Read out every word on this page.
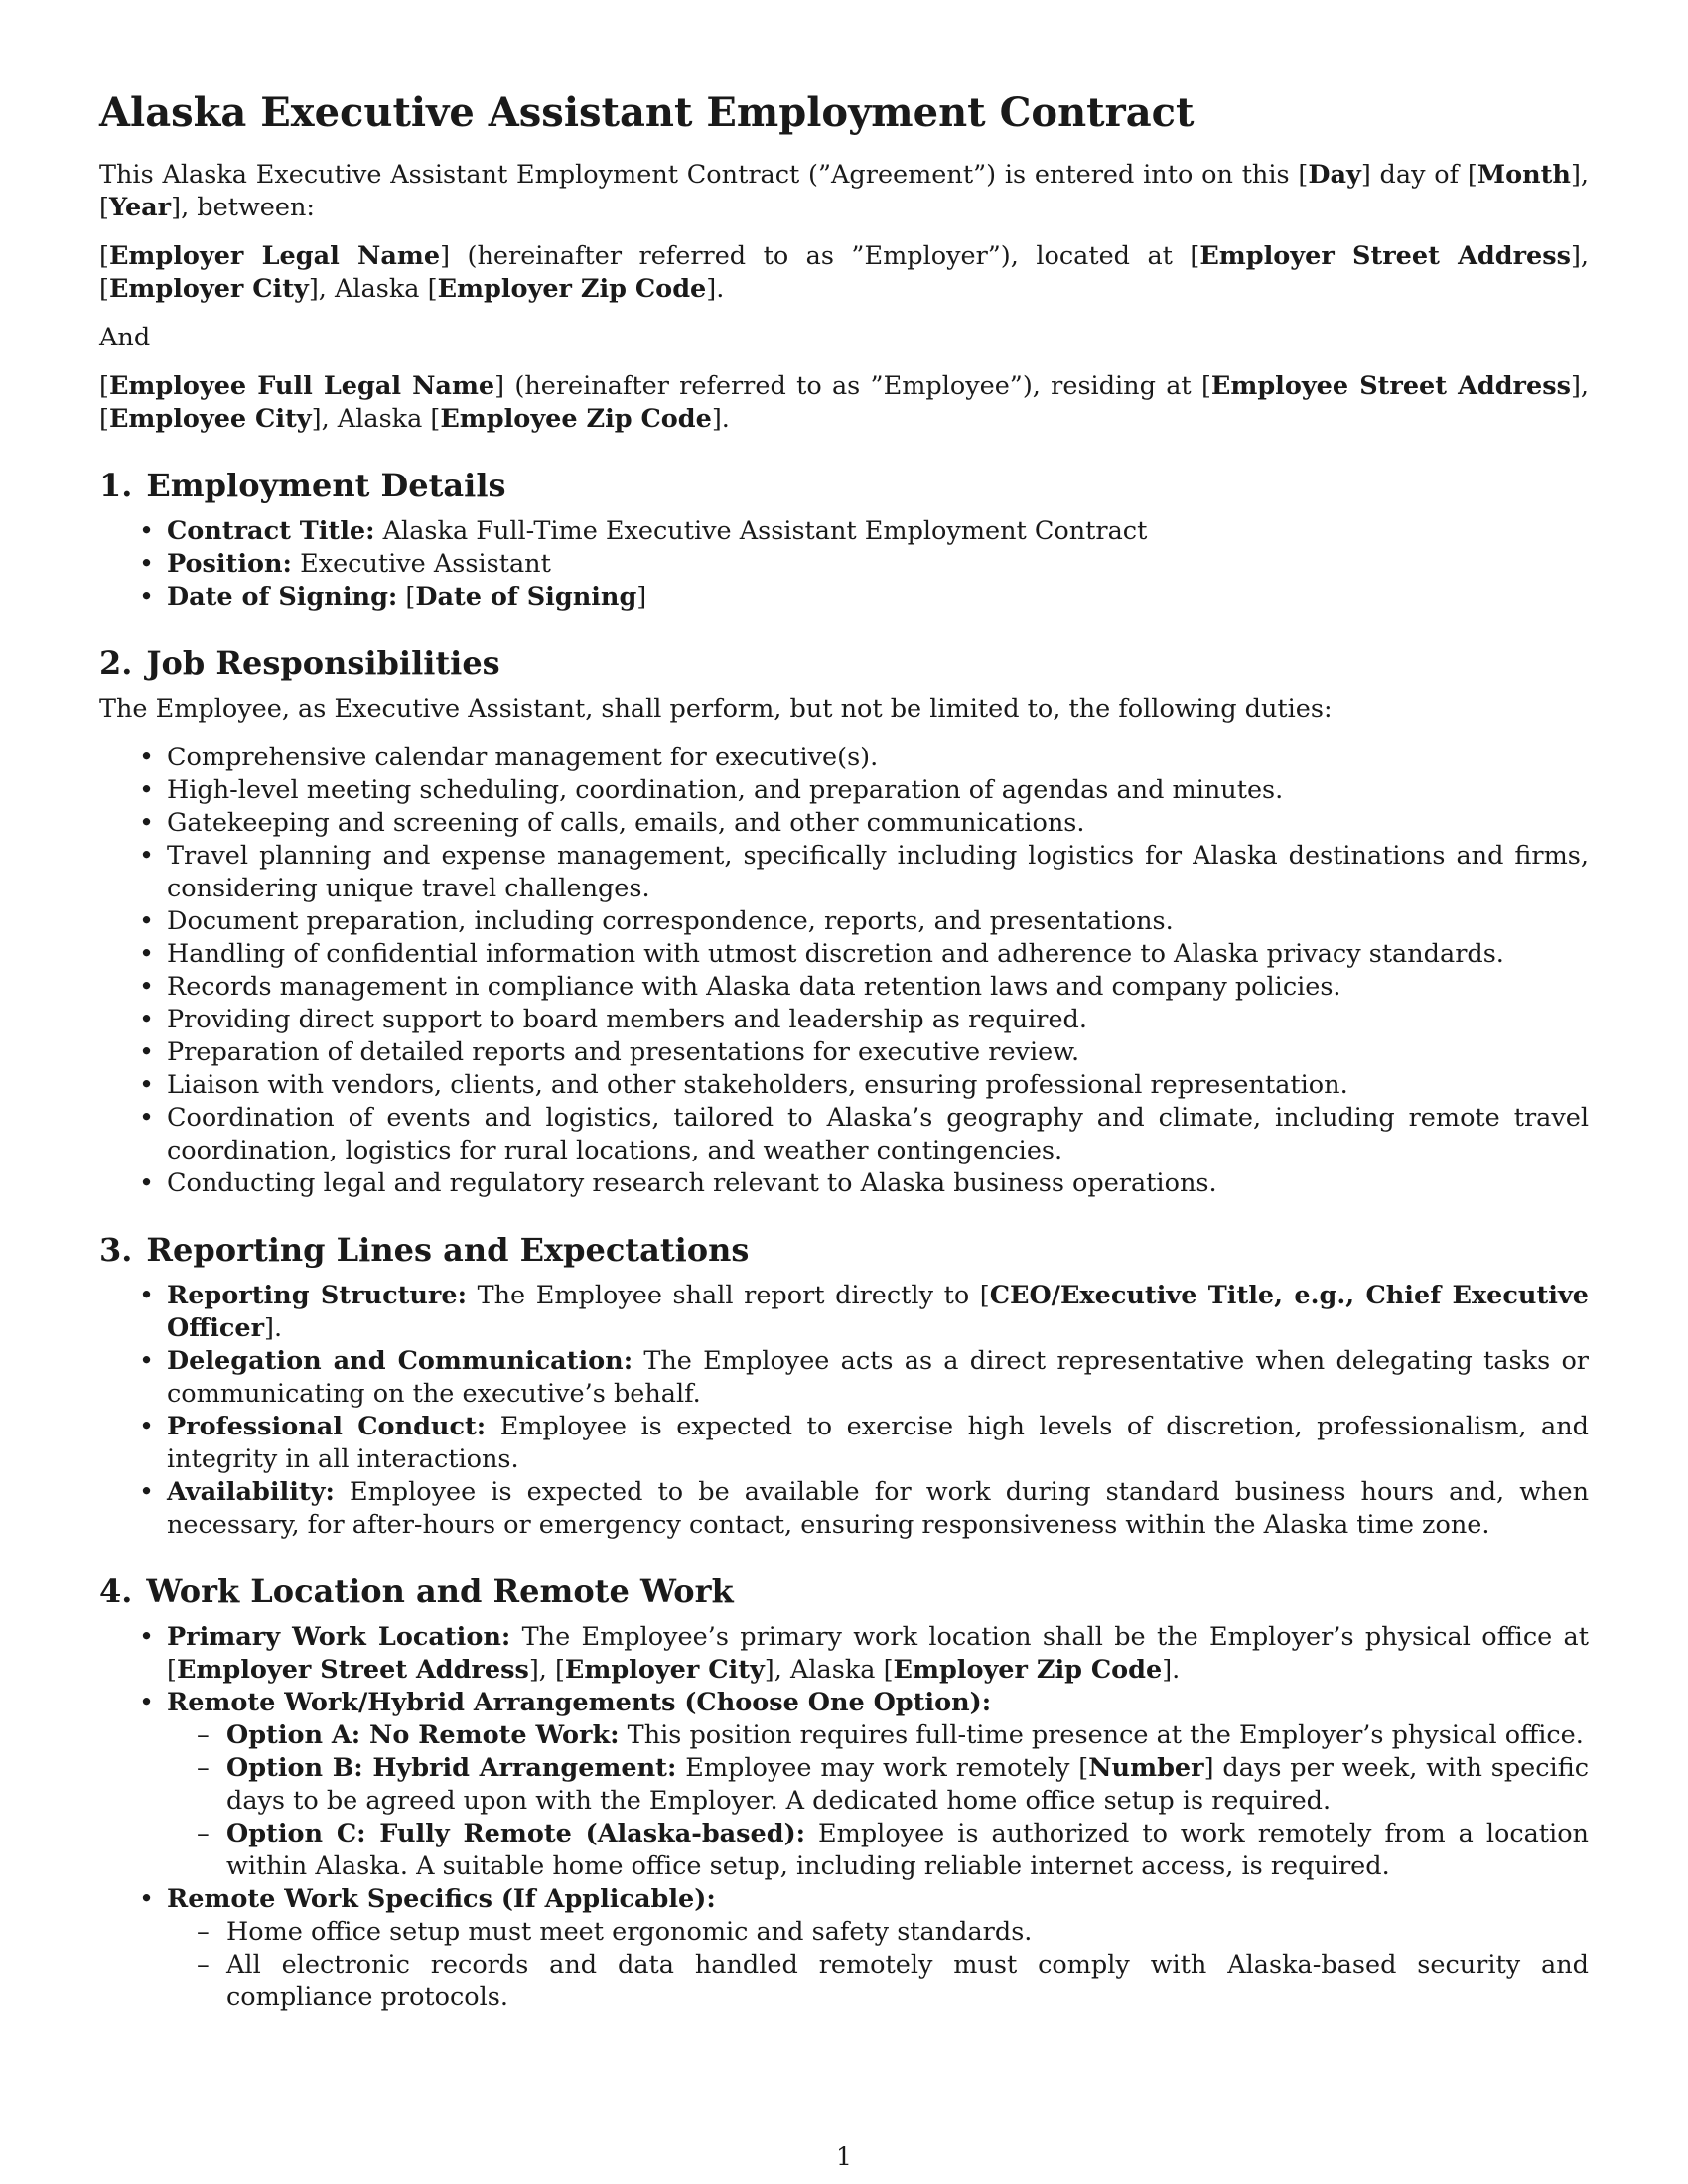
Alaska Executive Assistant Employment Contract

This Alaska Executive Assistant Employment Contract (”Agreement”) is entered into on this [Day] day of [Month], [Year], between:

[Employer Legal Name] (hereinafter referred to as ”Employer”), located at [Employer Street Address], [Employer City], Alaska [Employer Zip Code].

And

[Employee Full Legal Name] (hereinafter referred to as ”Employee”), residing at [Employee Street Address], [Employee City], Alaska [Employee Zip Code].

1. Employment Details
• Contract Title: Alaska Full-Time Executive Assistant Employment Contract
• Position: Executive Assistant
• Date of Signing: [Date of Signing]
2. Job Responsibilities

The Employee, as Executive Assistant, shall perform, but not be limited to, the following duties:

• Comprehensive calendar management for executive(s).
• High-level meeting scheduling, coordination, and preparation of agendas and minutes.
• Gatekeeping and screening of calls, emails, and other communications.
• Travel planning and expense management, specifically including logistics for Alaska destinations and firms, considering unique travel challenges.
• Document preparation, including correspondence, reports, and presentations.
• Handling of confidential information with utmost discretion and adherence to Alaska privacy standards.
• Records management in compliance with Alaska data retention laws and company policies.
• Providing direct support to board members and leadership as required.
• Preparation of detailed reports and presentations for executive review.
• Liaison with vendors, clients, and other stakeholders, ensuring professional representation.
• Coordination of events and logistics, tailored to Alaska’s geography and climate, including remote travel coordination, logistics for rural locations, and weather contingencies.
• Conducting legal and regulatory research relevant to Alaska business operations.
3. Reporting Lines and Expectations
• Reporting Structure: The Employee shall report directly to [CEO/Executive Title, e.g., Chief Executive Officer].
• Delegation and Communication: The Employee acts as a direct representative when delegating tasks or communicating on the executive’s behalf.
• Professional Conduct: Employee is expected to exercise high levels of discretion, professionalism, and integrity in all interactions.
• Availability: Employee is expected to be available for work during standard business hours and, when necessary, for after-hours or emergency contact, ensuring responsiveness within the Alaska time zone.
4. Work Location and Remote Work
• Primary Work Location: The Employee’s primary work location shall be the Employer’s physical office at [Employer Street Address], [Employer City], Alaska [Employer Zip Code].
• Remote Work/Hybrid Arrangements (Choose One Option):
– Option A: No Remote Work: This position requires full-time presence at the Employer’s physical office.
– Option B: Hybrid Arrangement: Employee may work remotely [Number] days per week, with specific days to be agreed upon with the Employer. A dedicated home office setup is required.
– Option C: Fully Remote (Alaska-based): Employee is authorized to work remotely from a location within Alaska. A suitable home office setup, including reliable internet access, is required.
• Remote Work Specifics (If Applicable):
– Home office setup must meet ergonomic and safety standards.
– All electronic records and data handled remotely must comply with Alaska-based security and compliance protocols.
1
